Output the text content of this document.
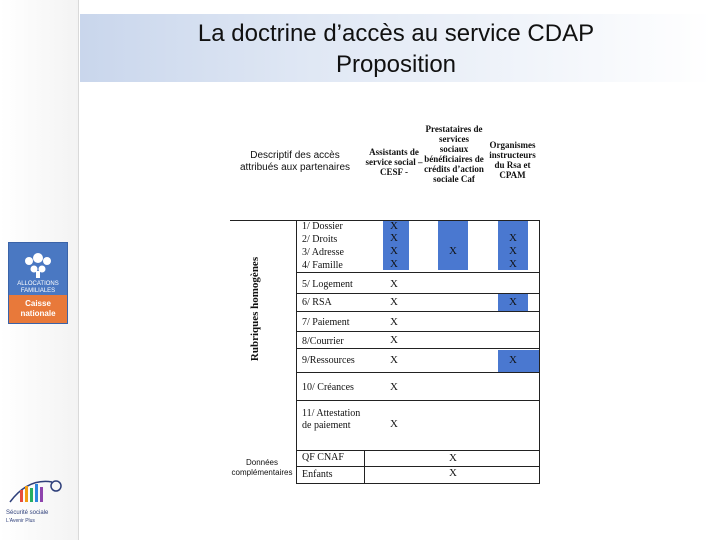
ALLOCATIONS
FAMILIALES
Caisse
nationale
Sécurité sociale
L'Avenir Plus
La doctrine d’accès au service CDAP
Proposition
Descriptif des accès attribués aux partenaires
Assistants de service social – CESF -
Prestataires de services sociaux bénéficiaires de crédits d’action sociale Caf
Organismes instructeurs du Rsa et CPAM
Rubriques homogènes
1/ Dossier
2/ Droits
3/ Adresse
4/ Famille
5/ Logement
6/ RSA
7/ Paiement
8/Courrier
9/Ressources
10/ Créances
11/ Attestation de paiement
Données complémentaires
QF CNAF
Enfants
X
X
X
X
X
X
X
X
X
X
X
X
X
X
X
X
X
X
X
